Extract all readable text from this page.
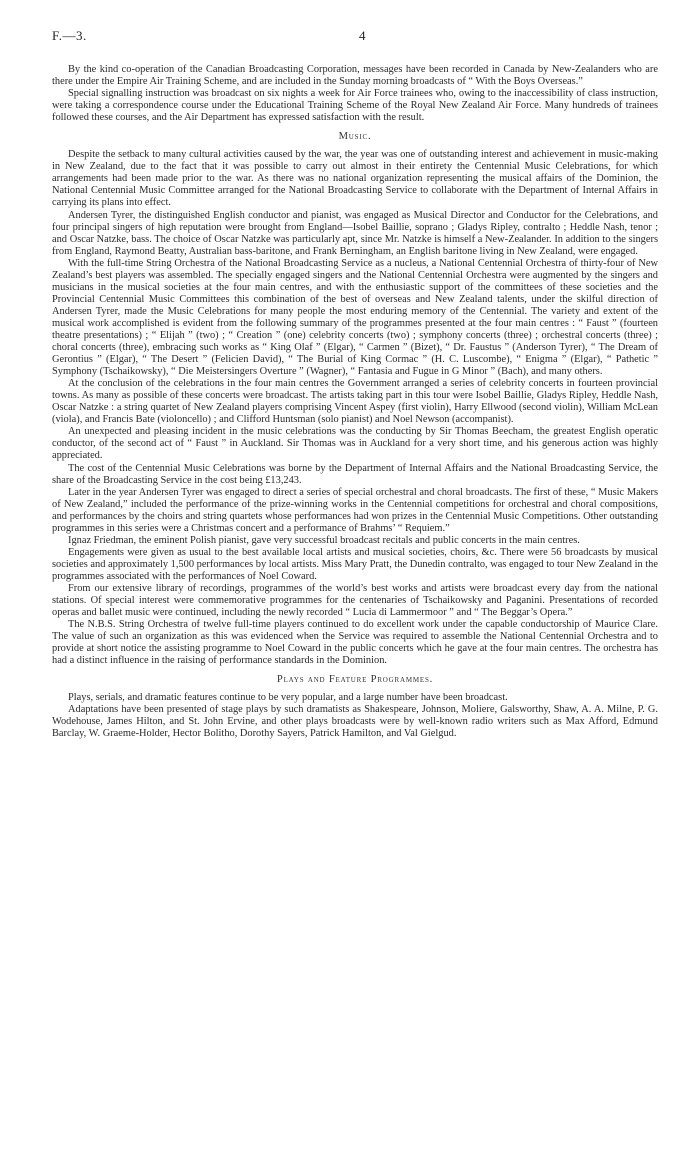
F.—3.	4

By the kind co-operation of the Canadian Broadcasting Corporation, messages have been recorded in Canada by New-Zealanders who are there under the Empire Air Training Scheme, and are included in the Sunday morning broadcasts of “ With the Boys Overseas.”

Special signalling instruction was broadcast on six nights a week for Air Force trainees who, owing to the inaccessibility of class instruction, were taking a correspondence course under the Educational Training Scheme of the Royal New Zealand Air Force. Many hundreds of trainees followed these courses, and the Air Department has expressed satisfaction with the result.

Music.

Despite the setback to many cultural activities caused by the war, the year was one of outstanding interest and achievement in music-making in New Zealand, due to the fact that it was possible to carry out almost in their entirety the Centennial Music Celebrations, for which arrangements had been made prior to the war. As there was no national organization representing the musical affairs of the Dominion, the National Centennial Music Committee arranged for the National Broadcasting Service to collaborate with the Department of Internal Affairs in carrying its plans into effect.

Andersen Tyrer, the distinguished English conductor and pianist, was engaged as Musical Director and Conductor for the Celebrations, and four principal singers of high reputation were brought from England—Isobel Baillie, soprano ; Gladys Ripley, contralto ; Heddle Nash, tenor ; and Oscar Natzke, bass. The choice of Oscar Natzke was particularly apt, since Mr. Natzke is himself a New-Zealander. In addition to the singers from England, Raymond Beatty, Australian bass-baritone, and Frank Berningham, an English baritone living in New Zealand, were engaged.

With the full-time String Orchestra of the National Broadcasting Service as a nucleus, a National Centennial Orchestra of thirty-four of New Zealand’s best players was assembled. The specially engaged singers and the National Centennial Orchestra were augmented by the singers and musicians in the musical societies at the four main centres, and with the enthusiastic support of the committees of these societies and the Provincial Centennial Music Committees this combination of the best of overseas and New Zealand talents, under the skilful direction of Andersen Tyrer, made the Music Celebrations for many people the most enduring memory of the Centennial. The variety and extent of the musical work accomplished is evident from the following summary of the programmes presented at the four main centres : “ Faust ” (fourteen theatre presentations) ; “ Elijah ” (two) ; “ Creation ” (one) celebrity concerts (two) ; symphony concerts (three) ; orchestral concerts (three) ; choral concerts (three), embracing such works as “ King Olaf ” (Elgar), “ Carmen ” (Bizet), “ Dr. Faustus ” (Anderson Tyrer), “ The Dream of Gerontius ” (Elgar), “ The Desert ” (Felicien David), “ The Burial of King Cormac ” (H. C. Luscombe), “ Enigma ” (Elgar), “ Pathetic ” Symphony (Tschaikowsky), “ Die Meistersingers Overture ” (Wagner), “ Fantasia and Fugue in G Minor ” (Bach), and many others.

At the conclusion of the celebrations in the four main centres the Government arranged a series of celebrity concerts in fourteen provincial towns. As many as possible of these concerts were broadcast. The artists taking part in this tour were Isobel Baillie, Gladys Ripley, Heddle Nash, Oscar Natzke : a string quartet of New Zealand players comprising Vincent Aspey (first violin), Harry Ellwood (second violin), William McLean (viola), and Francis Bate (violoncello) ; and Clifford Huntsman (solo pianist) and Noel Newson (accompanist).

An unexpected and pleasing incident in the music celebrations was the conducting by Sir Thomas Beecham, the greatest English operatic conductor, of the second act of “ Faust ” in Auckland. Sir Thomas was in Auckland for a very short time, and his generous action was highly appreciated.

The cost of the Centennial Music Celebrations was borne by the Department of Internal Affairs and the National Broadcasting Service, the share of the Broadcasting Service in the cost being £13,243.

Later in the year Andersen Tyrer was engaged to direct a series of special orchestral and choral broadcasts. The first of these, “ Music Makers of New Zealand,” included the performance of the prize-winning works in the Centennial competitions for orchestral and choral compositions, and performances by the choirs and string quartets whose performances had won prizes in the Centennial Music Competitions. Other outstanding programmes in this series were a Christmas concert and a performance of Brahms’ “ Requiem.”

Ignaz Friedman, the eminent Polish pianist, gave very successful broadcast recitals and public concerts in the main centres.

Engagements were given as usual to the best available local artists and musical societies, choirs, &c. There were 56 broadcasts by musical societies and approximately 1,500 performances by local artists. Miss Mary Pratt, the Dunedin contralto, was engaged to tour New Zealand in the programmes associated with the performances of Noel Coward.

From our extensive library of recordings, programmes of the world’s best works and artists were broadcast every day from the national stations. Of special interest were commemorative programmes for the centenaries of Tschaikowsky and Paganini. Presentations of recorded operas and ballet music were continued, including the newly recorded “ Lucia di Lammermoor ” and “ The Beggar’s Opera.”

The N.B.S. String Orchestra of twelve full-time players continued to do excellent work under the capable conductorship of Maurice Clare. The value of such an organization as this was evidenced when the Service was required to assemble the National Centennial Orchestra and to provide at short notice the assisting programme to Noel Coward in the public concerts which he gave at the four main centres. The orchestra has had a distinct influence in the raising of performance standards in the Dominion.

Plays and Feature Programmes.

Plays, serials, and dramatic features continue to be very popular, and a large number have been broadcast.

Adaptations have been presented of stage plays by such dramatists as Shakespeare, Johnson, Moliere, Galsworthy, Shaw, A. A. Milne, P. G. Wodehouse, James Hilton, and St. John Ervine, and other plays broadcasts were by well-known radio writers such as Max Afford, Edmund Barclay, W. Graeme-Holder, Hector Bolitho, Dorothy Sayers, Patrick Hamilton, and Val Gielgud.
